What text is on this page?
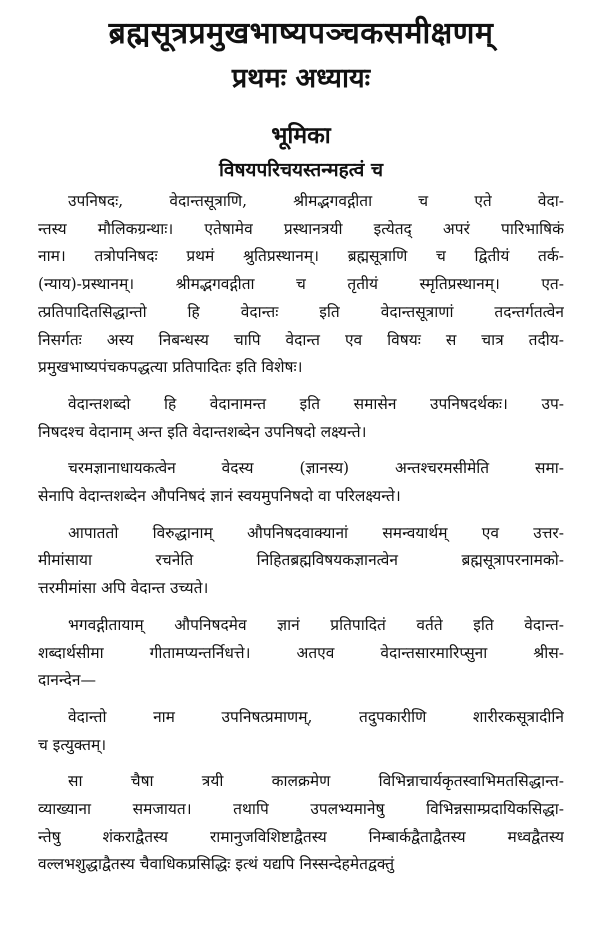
ब्रह्मसूत्रप्रमुखभाष्यपञ्चकसमीक्षणम्
प्रथमः अध्यायः
भूमिका
विषयपरिचयस्तन्महत्वं च

उपनिषदः, वेदान्तसूत्राणि, श्रीमद्भगवद्गीता च एते वेदा-
न्तस्य मौलिकग्रन्थाः। एतेषामेव प्रस्थानत्रयी इत्येतद् अपरं पारिभाषिकं
नाम। तत्रोपनिषदः प्रथमं श्रुतिप्रस्थानम्। ब्रह्मसूत्राणि च द्वितीयं तर्क-
(न्याय)-प्रस्थानम्। श्रीमद्भगवद्गीता च तृतीयं स्मृतिप्रस्थानम्। एत-
त्प्रतिपादितसिद्धान्तो हि वेदान्तः इति वेदान्तसूत्राणां तदन्तर्गतत्वेन
निसर्गतः अस्य निबन्धस्य चापि वेदान्त एव विषयः स चात्र तदीय-
प्रमुखभाष्यपंचकपद्धत्या प्रतिपादितः इति विशेषः।

वेदान्तशब्दो हि वेदानामन्त इति समासेन उपनिषदर्थकः। उप-
निषदश्च वेदानाम् अन्त इति वेदान्तशब्देन उपनिषदो लक्ष्यन्ते।

चरमज्ञानाधायकत्वेन वेदस्य (ज्ञानस्य) अन्तश्चरमसीमेति समा-
सेनापि वेदान्तशब्देन औपनिषदं ज्ञानं स्वयमुपनिषदो वा परिलक्ष्यन्ते।

आपाततो विरुद्धानाम् औपनिषदवाक्यानां समन्वयार्थम् एव उत्तर-
मीमांसाया रचनेति निहितब्रह्मविषयकज्ञानत्वेन ब्रह्मसूत्रापरनामको-
त्तरमीमांसा अपि वेदान्त उच्यते।

भगवद्गीतायाम् औपनिषदमेव ज्ञानं प्रतिपादितं वर्तते इति वेदान्त-
शब्दार्थसीमा गीतामप्यन्तर्निधत्ते। अतएव वेदान्तसारमारिप्सुना श्रीस-
दानन्देन—

वेदान्तो नाम उपनिषत्प्रमाणम्, तदुपकारीणि शारीरकसूत्रादीनि
च इत्युक्तम्।

सा चैषा त्रयी कालक्रमेण विभिन्नाचार्यकृतस्वाभिमतसिद्धान्त-
व्याख्याना समजायत। तथापि उपलभ्यमानेषु विभिन्नसाम्प्रदायिकसिद्धा-
न्तेषु शंकराद्वैतस्य रामानुजविशिष्टाद्वैतस्य निम्बार्कद्वैताद्वैतस्य मध्वद्वैतस्य
वल्लभशुद्धाद्वैतस्य चैवाधिकप्रसिद्धिः इत्थं यद्यपि निस्सन्देहमेतद्वक्तुं
